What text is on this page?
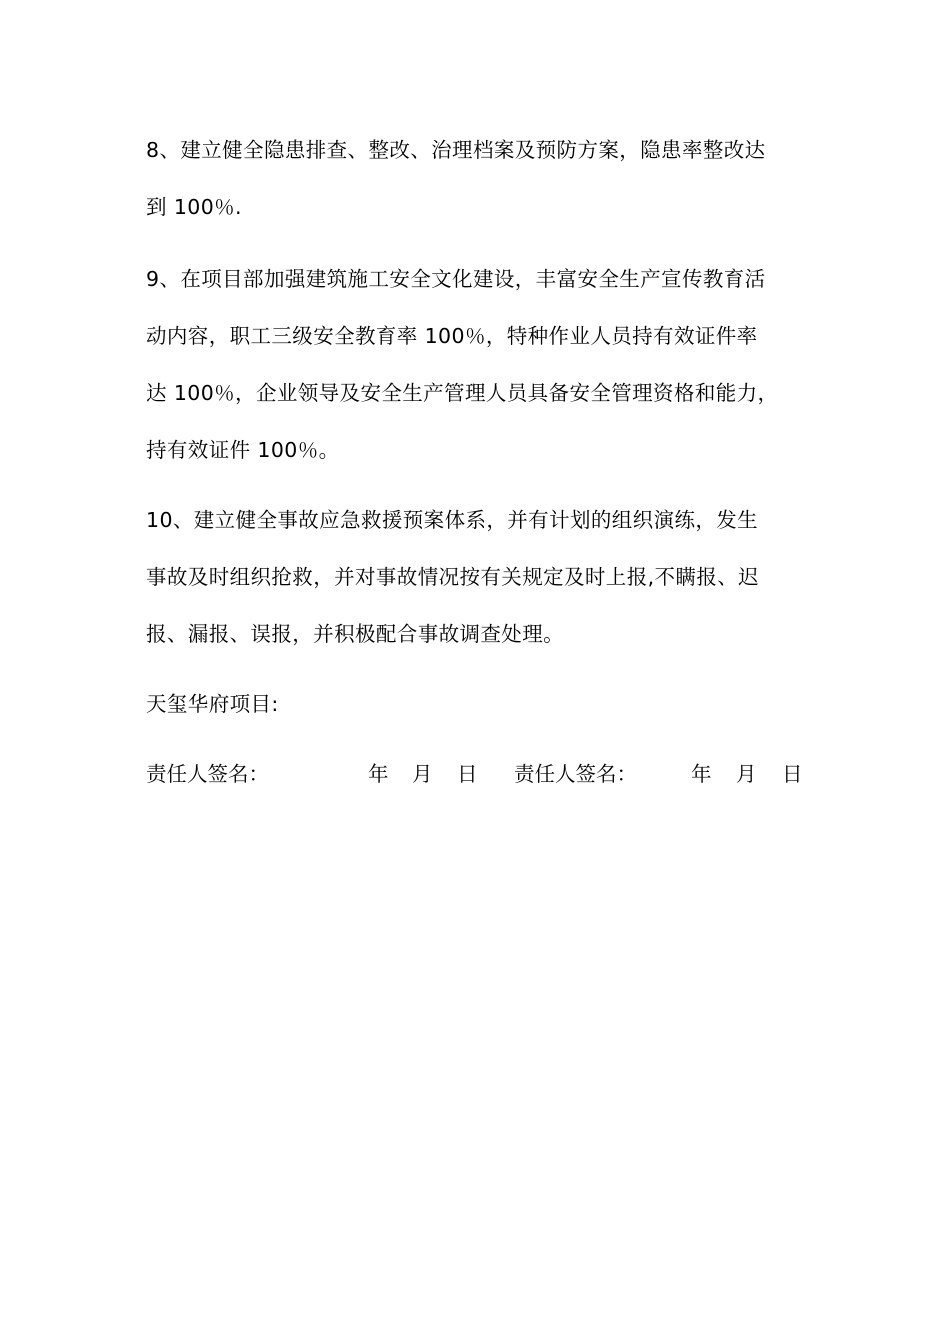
8、建立健全隐患排查、整改、治理档案及预防方案，隐患率整改达
到 100％.
9、在项目部加强建筑施工安全文化建设，丰富安全生产宣传教育活
动内容，职工三级安全教育率 100％，特种作业人员持有效证件率
达 100％，企业领导及安全生产管理人员具备安全管理资格和能力，
持有效证件 100％。
10、建立健全事故应急救援预案体系，并有计划的组织演练，发生
事故及时组织抢救，并对事故情况按有关规定及时上报,不瞒报、迟
报、漏报、误报，并积极配合事故调查处理。
天玺华府项目:
责任人签名：	年 月 日 责任人签名：	年 月 日
